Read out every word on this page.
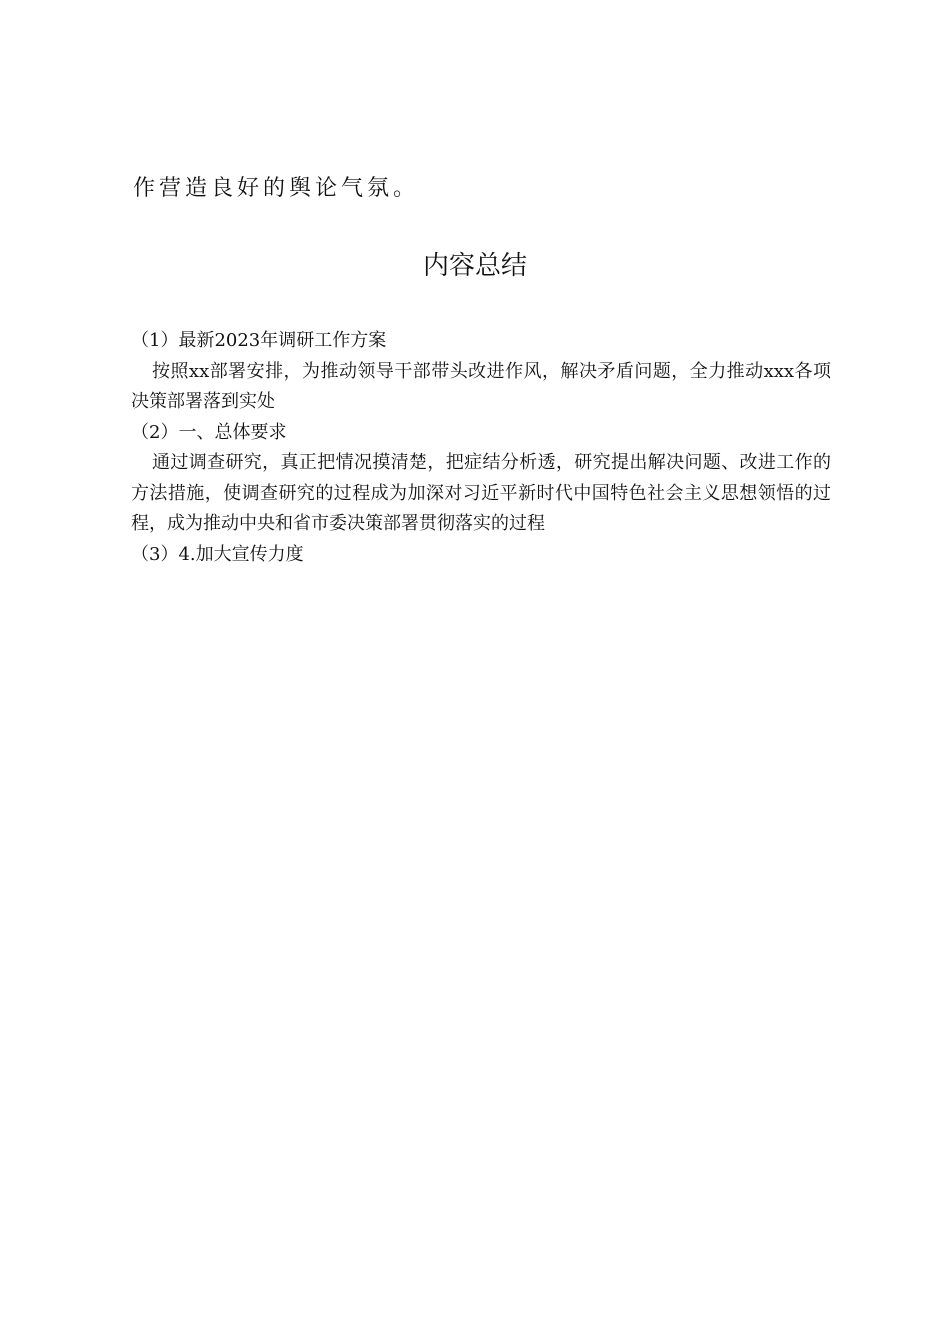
作营造良好的舆论气氛。
内容总结
（1）最新2023年调研工作方案
按照xx部署安排，为推动领导干部带头改进作风，解决矛盾问题，全力推动xxx各项决策部署落到实处
（2）一、总体要求
通过调查研究，真正把情况摸清楚，把症结分析透，研究提出解决问题、改进工作的方法措施，使调查研究的过程成为加深对习近平新时代中国特色社会主义思想领悟的过程，成为推动中央和省市委决策部署贯彻落实的过程
（3）4.加大宣传力度
